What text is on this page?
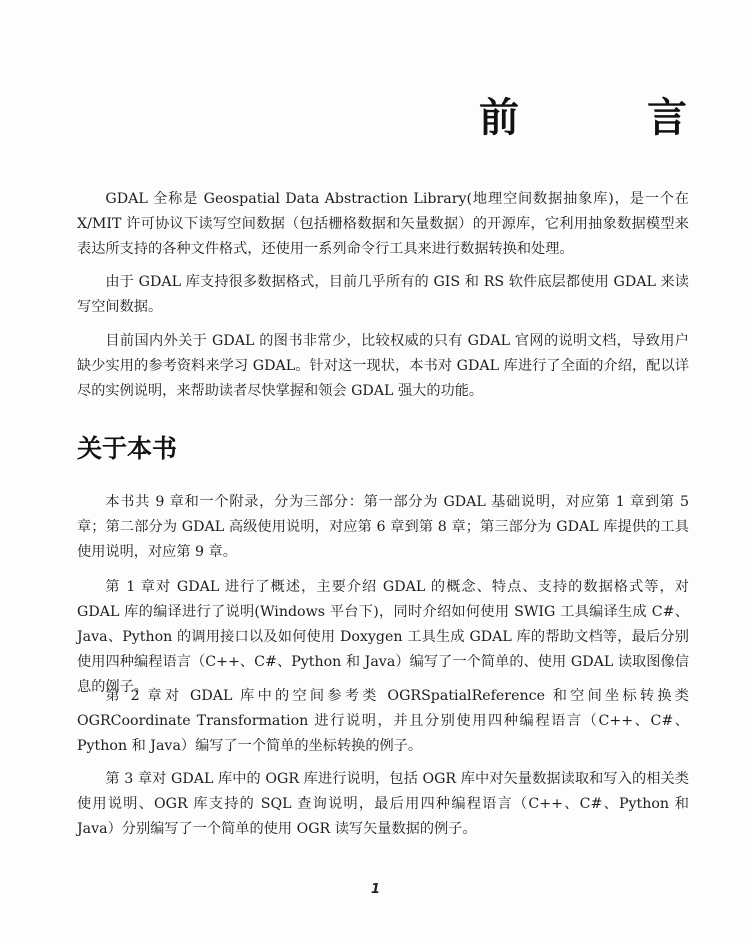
前　言

GDAL 全称是 Geospatial Data Abstraction Library(地理空间数据抽象库)，是一个在 X/MIT 许可协议下读写空间数据（包括栅格数据和矢量数据）的开源库，它利用抽象数据模型来表达所支持的各种文件格式，还使用一系列命令行工具来进行数据转换和处理。

由于 GDAL 库支持很多数据格式，目前几乎所有的 GIS 和 RS 软件底层都使用 GDAL 来读写空间数据。

目前国内外关于 GDAL 的图书非常少，比较权威的只有 GDAL 官网的说明文档，导致用户缺少实用的参考资料来学习 GDAL。针对这一现状，本书对 GDAL 库进行了全面的介绍，配以详尽的实例说明，来帮助读者尽快掌握和领会 GDAL 强大的功能。

关于本书

本书共 9 章和一个附录，分为三部分：第一部分为 GDAL 基础说明，对应第 1 章到第 5 章；第二部分为 GDAL 高级使用说明，对应第 6 章到第 8 章；第三部分为 GDAL 库提供的工具使用说明，对应第 9 章。

第 1 章对 GDAL 进行了概述，主要介绍 GDAL 的概念、特点、支持的数据格式等，对 GDAL 库的编译进行了说明(Windows 平台下)，同时介绍如何使用 SWIG 工具编译生成 C#、Java、Python 的调用接口以及如何使用 Doxygen 工具生成 GDAL 库的帮助文档等，最后分别使用四种编程语言（C++、C#、Python 和 Java）编写了一个简单的、使用 GDAL 读取图像信息的例子。

第 2 章对 GDAL 库中的空间参考类 OGRSpatialReference 和空间坐标转换类 OGRCoordinate Transformation 进行说明，并且分别使用四种编程语言（C++、C#、Python 和 Java）编写了一个简单的坐标转换的例子。

第 3 章对 GDAL 库中的 OGR 库进行说明，包括 OGR 库中对矢量数据读取和写入的相关类使用说明、OGR 库支持的 SQL 查询说明，最后用四种编程语言（C++、C#、Python 和 Java）分别编写了一个简单的使用 OGR 读写矢量数据的例子。

1
